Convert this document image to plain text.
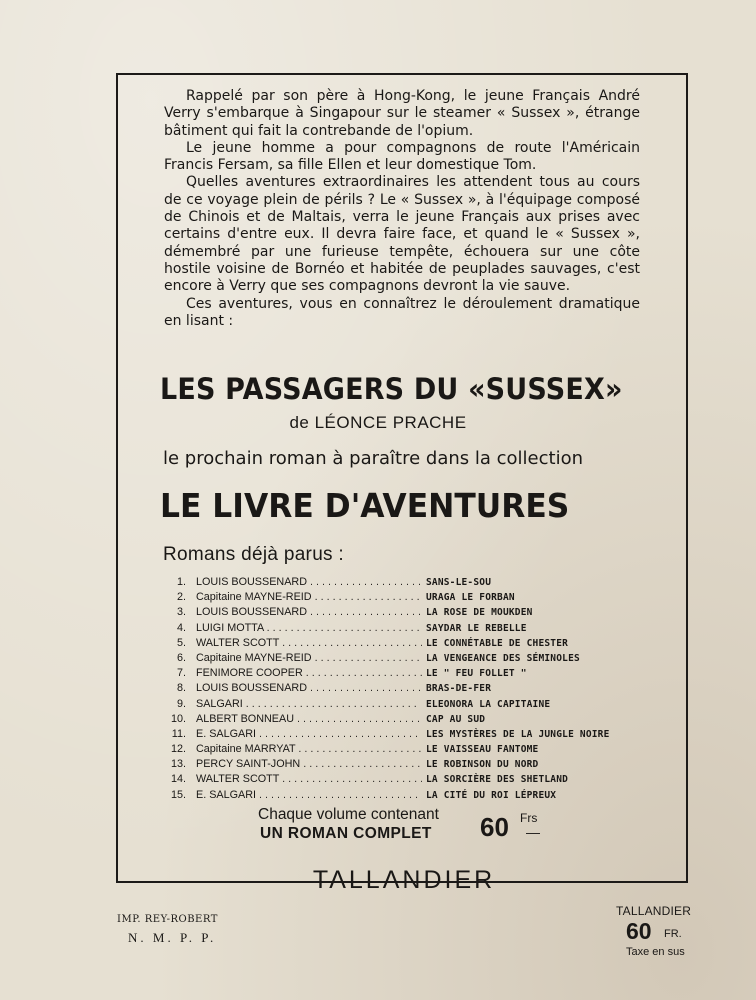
Rappelé par son père à Hong-Kong, le jeune Français André Verry s'embarque à Singapour sur le steamer « Sussex », étrange bâtiment qui fait la contrebande de l'opium.

Le jeune homme a pour compagnons de route l'Américain Francis Fersam, sa fille Ellen et leur domestique Tom.

Quelles aventures extraordinaires les attendent tous au cours de ce voyage plein de périls ? Le « Sussex », à l'équipage composé de Chinois et de Maltais, verra le jeune Français aux prises avec certains d'entre eux. Il devra faire face, et quand le « Sussex », démembré par une furieuse tempête, échouera sur une côte hostile voisine de Bornéo et habitée de peuplades sauvages, c'est encore à Verry que ses compagnons devront la vie sauve.

Ces aventures, vous en connaîtrez le déroulement dramatique en lisant :

LES PASSAGERS DU «SUSSEX»
de LÉONCE PRACHE
le prochain roman à paraître dans la collection
LE LIVRE D'AVENTURES
Romans déjà parus :
1. LOUIS BOUSSENARD . . .	SANS-LE-SOU
2. Capitaine MAYNE-REID . . .	URAGA LE FORBAN
3. LOUIS BOUSSENARD . . .	LA ROSE DE MOUKDEN
4. LUIGI MOTTA . . .	SAYDAR LE REBELLE
5. WALTER SCOTT . . .	LE CONNÉTABLE DE CHESTER
6. Capitaine MAYNE-REID . . .	LA VENGEANCE DES SÉMINOLES
7. FENIMORE COOPER . . .	LE " FEU FOLLET "
8. LOUIS BOUSSENARD . . .	BRAS-DE-FER
9. SALGARI . . .	ELEONORA LA CAPITAINE
10. ALBERT BONNEAU . . .	CAP AU SUD
11. E. SALGARI . . .	LES MYSTÈRES DE LA JUNGLE NOIRE
12. Capitaine MARRYAT . . .	LE VAISSEAU FANTOME
13. PERCY SAINT-JOHN . . .	LE ROBINSON DU NORD
14. WALTER SCOTT . . .	LA SORCIÈRE DES SHETLAND
15. E. SALGARI . . .	LA CITÉ DU ROI LÉPREUX
Chaque volume contenant
UN ROMAN COMPLET 60 Frs
—
TALLANDIER
IMP. REY-ROBERT
N. M. P. P.
TALLANDIER
60 FR.
Taxe en sus
